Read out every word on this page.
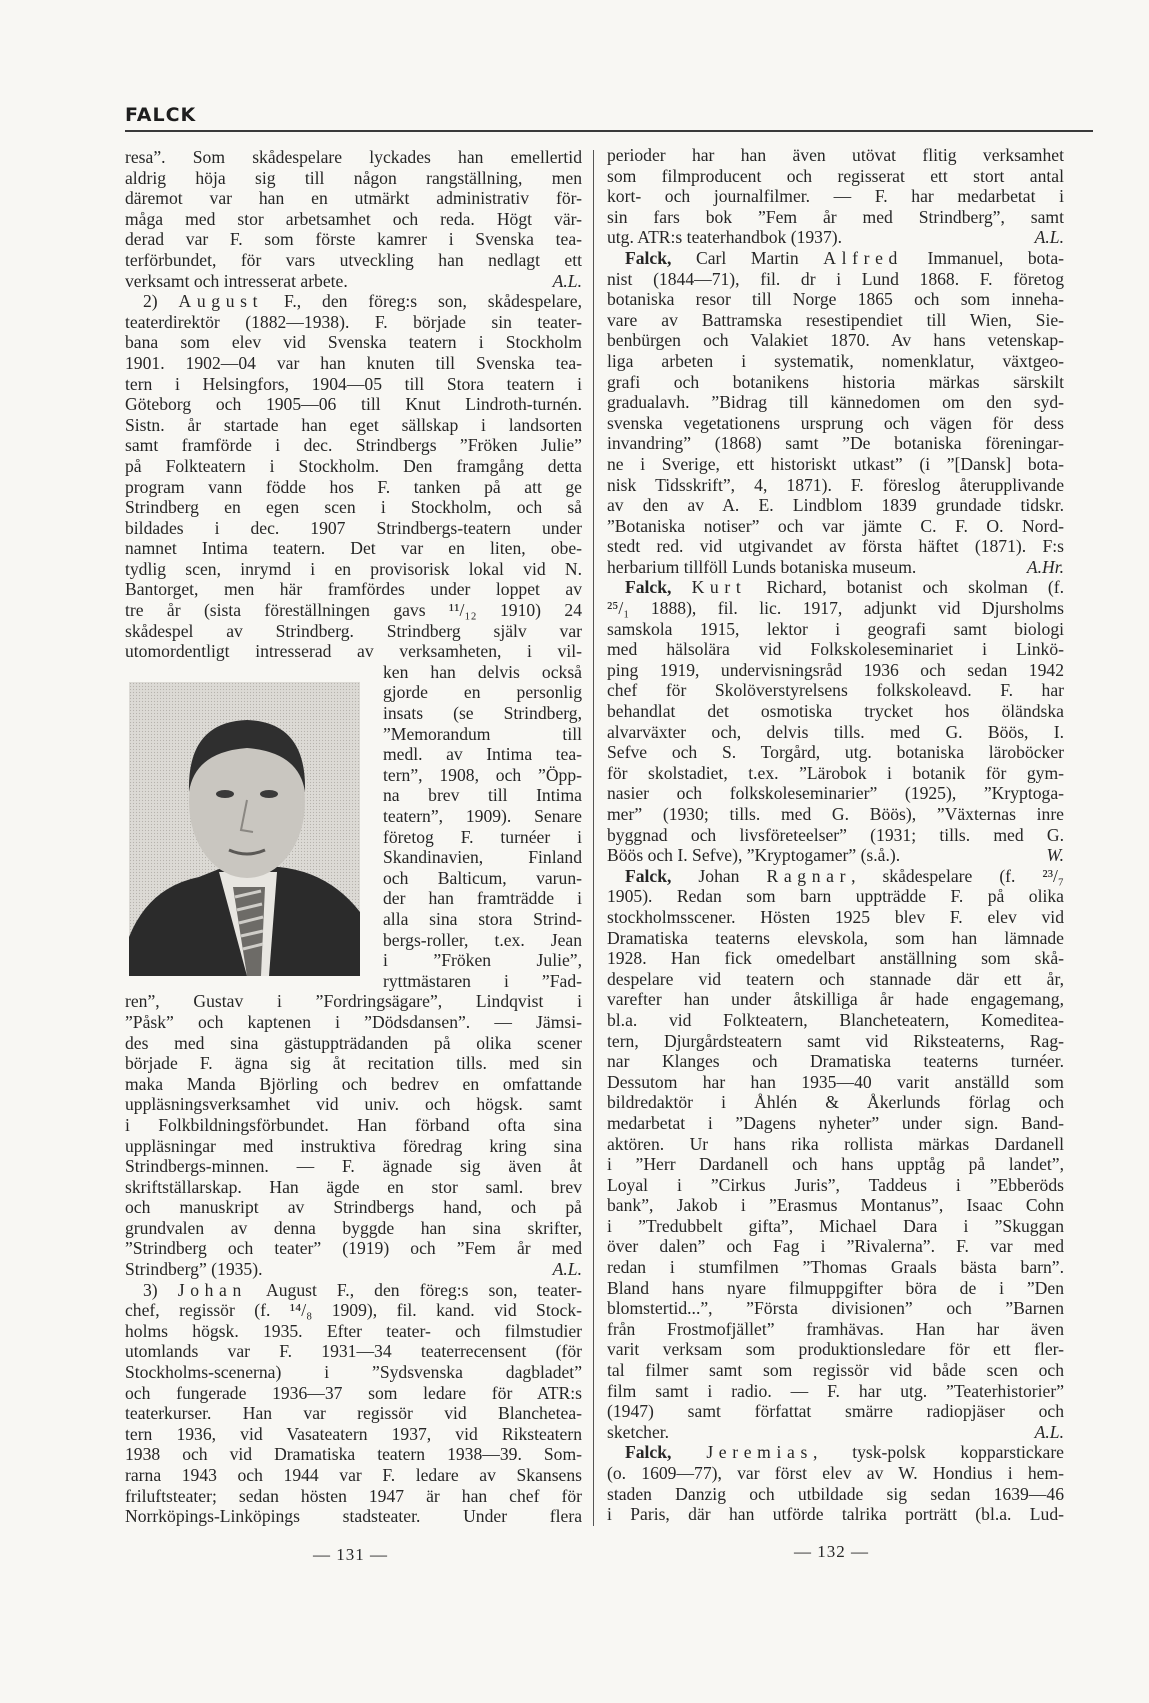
FALCK
resa”. Som skådespelare lyckades han emellertid
aldrig höja sig till någon rangställning, men
däremot var han en utmärkt administrativ för-
måga med stor arbetsamhet och reda. Högt vär-
derad var F. som förste kamrer i Svenska tea-
terförbundet, för vars utveckling han nedlagt ett
verksamt och intresserat arbete.	A.L.
2) August F., den föreg:s son, skådespelare,
teaterdirektör (1882—1938). F. började sin teater-
bana som elev vid Svenska teatern i Stockholm
1901. 1902—04 var han knuten till Svenska tea-
tern i Helsingfors, 1904—05 till Stora teatern i
Göteborg och 1905—06 till Knut Lindroth-turnén.
Sistn. år startade han eget sällskap i landsorten
samt framförde i dec. Strindbergs ”Fröken Julie”
på Folkteatern i Stockholm. Den framgång detta
program vann födde hos F. tanken på att ge
Strindberg en egen scen i Stockholm, och så
bildades i dec. 1907 Strindbergs-teatern under
namnet Intima teatern. Det var en liten, obe-
tydlig scen, inrymd i en provisorisk lokal vid N.
Bantorget, men här framfördes under loppet av
tre år (sista föreställningen gavs ¹¹/₁₂ 1910) 24
skådespel av Strindberg. Strindberg själv var
utomordentligt intresserad av verksamheten, i vil-
ken han delvis också
gjorde en personlig
insats (se Strindberg,
”Memorandum till
medl. av Intima tea-
tern”, 1908, och ”Öpp-
na brev till Intima
teatern”, 1909). Senare
företog F. turnéer i
Skandinavien, Finland
och Balticum, varun-
der han framträdde i
alla sina stora Strind-
bergs-roller, t.ex. Jean
i ”Fröken Julie”,
ryttmästaren i ”Fad-
ren”, Gustav i ”Fordringsägare”, Lindqvist i
”Påsk” och kaptenen i ”Dödsdansen”. — Jämsi-
des med sina gästuppträdanden på olika scener
började F. ägna sig åt recitation tills. med sin
maka Manda Björling och bedrev en omfattande
uppläsningsverksamhet vid univ. och högsk. samt
i Folkbildningsförbundet. Han förband ofta sina
uppläsningar med instruktiva föredrag kring sina
Strindbergs-minnen. — F. ägnade sig även åt
skriftställarskap. Han ägde en stor saml. brev
och manuskript av Strindbergs hand, och på
grundvalen av denna byggde han sina skrifter,
”Strindberg och teater” (1919) och ”Fem år med
Strindberg” (1935).	A.L.
3) Johan August F., den föreg:s son, teater-
chef, regissör (f. ¹⁴/₈ 1909), fil. kand. vid Stock-
holms högsk. 1935. Efter teater- och filmstudier
utomlands var F. 1931—34 teaterrecensent (för
Stockholms-scenerna) i ”Sydsvenska dagbladet”
och fungerade 1936—37 som ledare för ATR:s
teaterkurser. Han var regissör vid Blanchetea-
tern 1936, vid Vasateatern 1937, vid Riksteatern
1938 och vid Dramatiska teatern 1938—39. Som-
rarna 1943 och 1944 var F. ledare av Skansens
friluftsteater; sedan hösten 1947 är han chef för
Norrköpings-Linköpings stadsteater. Under flera
perioder har han även utövat flitig verksamhet
som filmproducent och regisserat ett stort antal
kort- och journalfilmer. — F. har medarbetat i
sin fars bok ”Fem år med Strindberg”, samt
utg. ATR:s teaterhandbok (1937).	A.L.
Falck, Carl Martin Alfred Immanuel, bota-
nist (1844—71), fil. dr i Lund 1868. F. företog
botaniska resor till Norge 1865 och som inneha-
vare av Battramska resestipendiet till Wien, Sie-
benbürgen och Valakiet 1870. Av hans vetenskap-
liga arbeten i systematik, nomenklatur, växtgeo-
grafi och botanikens historia märkas särskilt
gradualavh. ”Bidrag till kännedomen om den syd-
svenska vegetationens ursprung och vägen för dess
invandring” (1868) samt ”De botaniska föreningar-
ne i Sverige, ett historiskt utkast” (i ”[Dansk] bota-
nisk Tidsskrift”, 4, 1871). F. föreslog återupplivande
av den av A. E. Lindblom 1839 grundade tidskr.
”Botaniska notiser” och var jämte C. F. O. Nord-
stedt red. vid utgivandet av första häftet (1871). F:s
herbarium tillföll Lunds botaniska museum.	A.Hr.
Falck, Kurt Richard, botanist och skolman (f.
²⁵/₁ 1888), fil. lic. 1917, adjunkt vid Djursholms
samskola 1915, lektor i geografi samt biologi
med hälsolära vid Folkskoleseminariet i Linkö-
ping 1919, undervisningsråd 1936 och sedan 1942
chef för Skolöverstyrelsens folkskoleavd. F. har
behandlat det osmotiska trycket hos öländska
alvarväxter och, delvis tills. med G. Böös, I.
Sefve och S. Torgård, utg. botaniska läroböcker
för skolstadiet, t.ex. ”Lärobok i botanik för gym-
nasier och folkskoleseminarier” (1925), ”Kryptoga-
mer” (1930; tills. med G. Böös), ”Växternas inre
byggnad och livsföreteelser” (1931; tills. med G.
Böös och I. Sefve), ”Kryptogamer” (s.å.).	W.
Falck, Johan Ragnar, skådespelare (f. ²³/₇
1905). Redan som barn uppträdde F. på olika
stockholmsscener. Hösten 1925 blev F. elev vid
Dramatiska teaterns elevskola, som han lämnade
1928. Han fick omedelbart anställning som skå-
despelare vid teatern och stannade där ett år,
varefter han under åtskilliga år hade engagemang,
bl.a. vid Folkteatern, Blancheteatern, Komeditea-
tern, Djurgårdsteatern samt vid Riksteaterns, Rag-
nar Klanges och Dramatiska teaterns turnéer.
Dessutom har han 1935—40 varit anställd som
bildredaktör i Åhlén & Åkerlunds förlag och
medarbetat i ”Dagens nyheter” under sign. Band-
aktören. Ur hans rika rollista märkas Dardanell
i ”Herr Dardanell och hans upptåg på landet”,
Loyal i ”Cirkus Juris”, Taddeus i ”Ebberöds
bank”, Jakob i ”Erasmus Montanus”, Isaac Cohn
i ”Tredubbelt gifta”, Michael Dara i ”Skuggan
över dalen” och Fag i ”Rivalerna”. F. var med
redan i stumfilmen ”Thomas Graals bästa barn”.
Bland hans nyare filmuppgifter böra de i ”Den
blomstertid...”, ”Första divisionen” och ”Barnen
från Frostmofjället” framhävas. Han har även
varit verksam som produktionsledare för ett fler-
tal filmer samt som regissör vid både scen och
film samt i radio. — F. har utg. ”Teaterhistorier”
(1947) samt författat smärre radiopjäser och
sketcher.	A.L.
Falck, Jeremias, tysk-polsk kopparstickare
(o. 1609—77), var först elev av W. Hondius i hem-
staden Danzig och utbildade sig sedan 1639—46
i Paris, där han utförde talrika porträtt (bl.a. Lud-
— 131 —	— 132 —
